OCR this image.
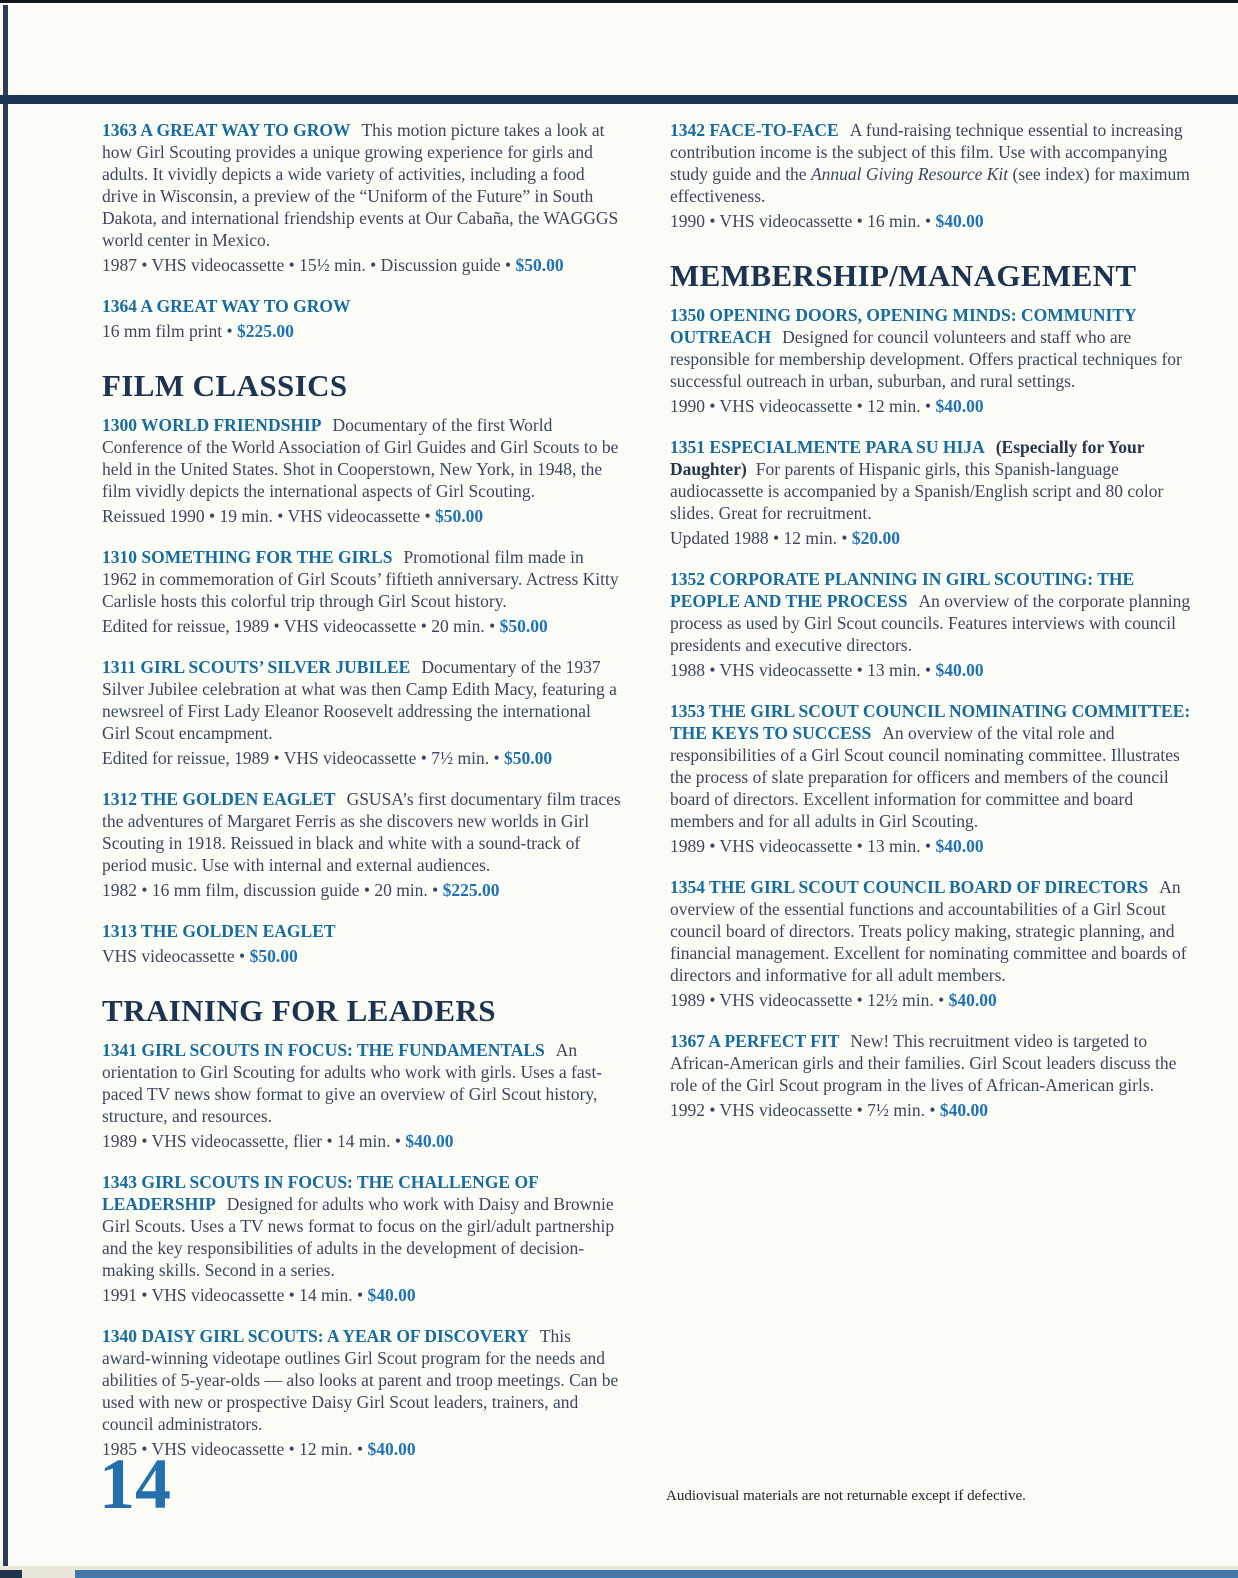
1363 A GREAT WAY TO GROW This motion picture takes a look at how Girl Scouting provides a unique growing experience for girls and adults. It vividly depicts a wide variety of activities, including a food drive in Wisconsin, a preview of the “Uniform of the Future” in South Dakota, and international friendship events at Our Cabaña, the WAGGGS world center in Mexico.

1987 • VHS videocassette • 15½ min. • Discussion guide • $50.00

1364 A GREAT WAY TO GROW

16 mm film print • $225.00

FILM CLASSICS

1300 WORLD FRIENDSHIP Documentary of the first World Conference of the World Association of Girl Guides and Girl Scouts to be held in the United States. Shot in Cooperstown, New York, in 1948, the film vividly depicts the international aspects of Girl Scouting.

Reissued 1990 • 19 min. • VHS videocassette • $50.00

1310 SOMETHING FOR THE GIRLS Promotional film made in 1962 in commemoration of Girl Scouts’ fiftieth anniversary. Actress Kitty Carlisle hosts this colorful trip through Girl Scout history.

Edited for reissue, 1989 • VHS videocassette • 20 min. • $50.00

1311 GIRL SCOUTS’ SILVER JUBILEE Documentary of the 1937 Silver Jubilee celebration at what was then Camp Edith Macy, featuring a newsreel of First Lady Eleanor Roosevelt addressing the international Girl Scout encampment.

Edited for reissue, 1989 • VHS videocassette • 7½ min. • $50.00

1312 THE GOLDEN EAGLET GSUSA’s first documentary film traces the adventures of Margaret Ferris as she discovers new worlds in Girl Scouting in 1918. Reissued in black and white with a sound-track of period music. Use with internal and external audiences.

1982 • 16 mm film, discussion guide • 20 min. • $225.00

1313 THE GOLDEN EAGLET

VHS videocassette • $50.00

TRAINING FOR LEADERS

1341 GIRL SCOUTS IN FOCUS: THE FUNDAMENTALS An orientation to Girl Scouting for adults who work with girls. Uses a fast-paced TV news show format to give an overview of Girl Scout history, structure, and resources.

1989 • VHS videocassette, flier • 14 min. • $40.00

1343 GIRL SCOUTS IN FOCUS: THE CHALLENGE OF LEADERSHIP Designed for adults who work with Daisy and Brownie Girl Scouts. Uses a TV news format to focus on the girl/adult partnership and the key responsibilities of adults in the development of decision-making skills. Second in a series.

1991 • VHS videocassette • 14 min. • $40.00

1340 DAISY GIRL SCOUTS: A YEAR OF DISCOVERY This award-winning videotape outlines Girl Scout program for the needs and abilities of 5-year-olds — also looks at parent and troop meetings. Can be used with new or prospective Daisy Girl Scout leaders, trainers, and council administrators.

1985 • VHS videocassette • 12 min. • $40.00

1342 FACE-TO-FACE A fund-raising technique essential to increasing contribution income is the subject of this film. Use with accompanying study guide and the Annual Giving Resource Kit (see index) for maximum effectiveness.

1990 • VHS videocassette • 16 min. • $40.00

MEMBERSHIP/MANAGEMENT

1350 OPENING DOORS, OPENING MINDS: COMMUNITY OUTREACH Designed for council volunteers and staff who are responsible for membership development. Offers practical techniques for successful outreach in urban, suburban, and rural settings.

1990 • VHS videocassette • 12 min. • $40.00

1351 ESPECIALMENTE PARA SU HIJA (Especially for Your Daughter) For parents of Hispanic girls, this Spanish-language audiocassette is accompanied by a Spanish/English script and 80 color slides. Great for recruitment.

Updated 1988 • 12 min. • $20.00

1352 CORPORATE PLANNING IN GIRL SCOUTING: THE PEOPLE AND THE PROCESS An overview of the corporate planning process as used by Girl Scout councils. Features interviews with council presidents and executive directors.

1988 • VHS videocassette • 13 min. • $40.00

1353 THE GIRL SCOUT COUNCIL NOMINATING COMMITTEE: THE KEYS TO SUCCESS An overview of the vital role and responsibilities of a Girl Scout council nominating committee. Illustrates the process of slate preparation for officers and members of the council board of directors. Excellent information for committee and board members and for all adults in Girl Scouting.

1989 • VHS videocassette • 13 min. • $40.00

1354 THE GIRL SCOUT COUNCIL BOARD OF DIRECTORS An overview of the essential functions and accountabilities of a Girl Scout council board of directors. Treats policy making, strategic planning, and financial management. Excellent for nominating committee and boards of directors and informative for all adult members.

1989 • VHS videocassette • 12½ min. • $40.00

1367 A PERFECT FIT New! This recruitment video is targeted to African-American girls and their families. Girl Scout leaders discuss the role of the Girl Scout program in the lives of African-American girls.

1992 • VHS videocassette • 7½ min. • $40.00

14	Audiovisual materials are not returnable except if defective.
